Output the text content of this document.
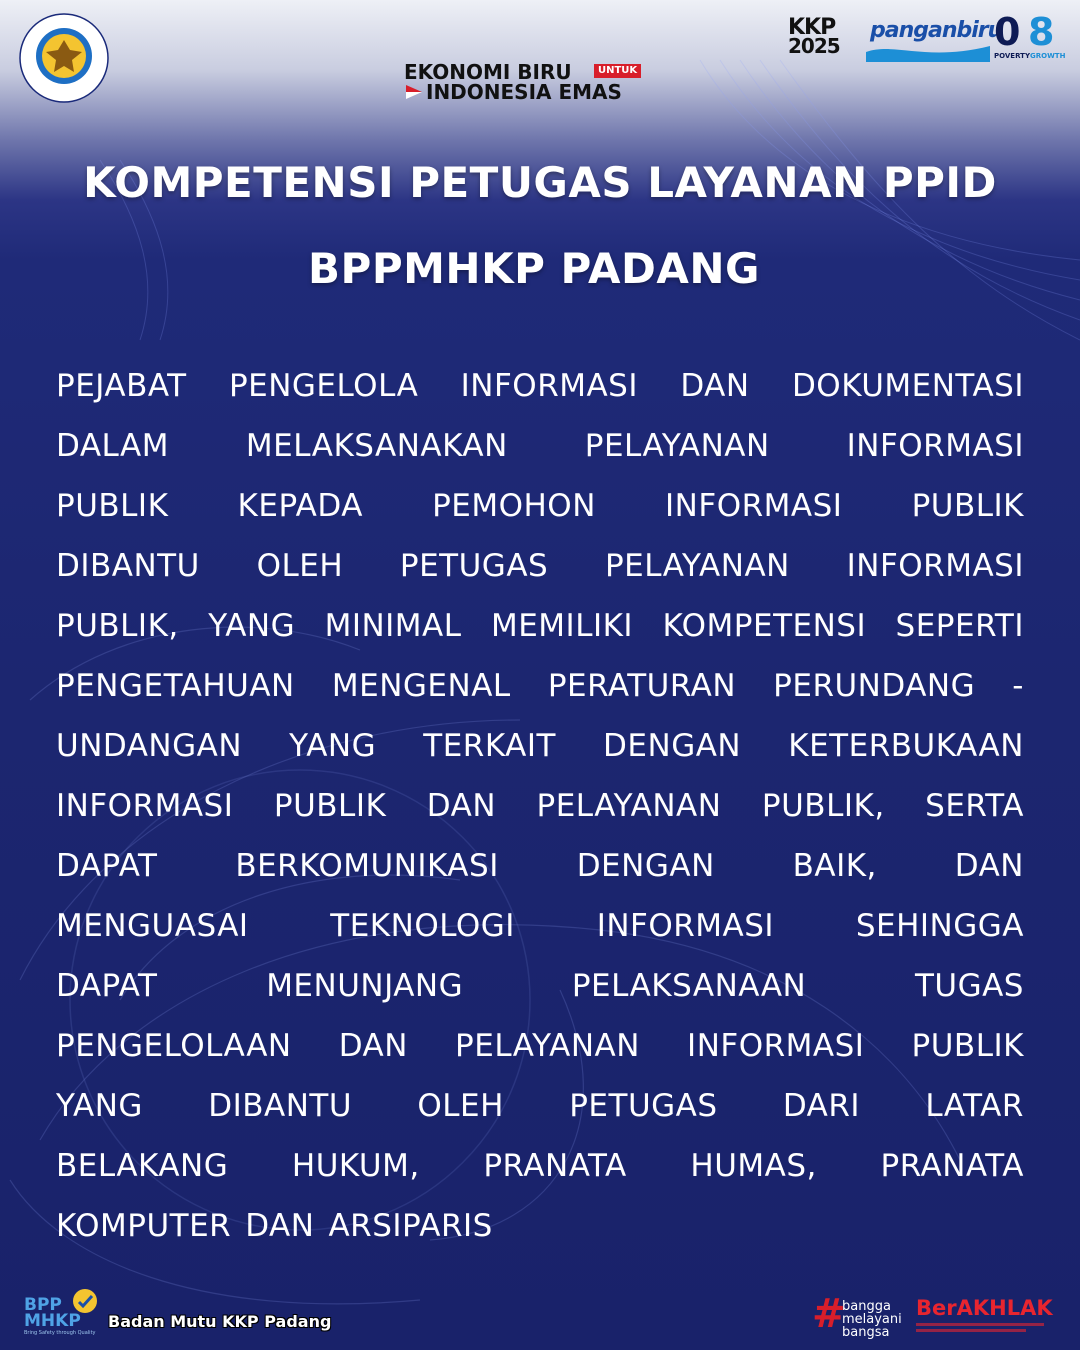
EKONOMI BIRU	UNTUK
INDONESIA EMAS
KKP
2025
panganbiru
0 8
POVERTY GROWTH
KOMPETENSI PETUGAS LAYANAN PPID
BPPMHKP PADANG
PEJABAT PENGELOLA INFORMASI DAN DOKUMENTASI
DALAM MELAKSANAKAN PELAYANAN INFORMASI
PUBLIK KEPADA PEMOHON INFORMASI PUBLIK
DIBANTU OLEH PETUGAS PELAYANAN INFORMASI
PUBLIK, YANG MINIMAL MEMILIKI KOMPETENSI SEPERTI
PENGETAHUAN MENGENAL PERATURAN PERUNDANG -
UNDANGAN YANG TERKAIT DENGAN KETERBUKAAN
INFORMASI PUBLIK DAN PELAYANAN PUBLIK, SERTA
DAPAT	BERKOMUNIKASI	DENGAN	BAIK,	DAN
MENGUASAI	TEKNOLOGI	INFORMASI	SEHINGGA
DAPAT	MENUNJANG	PELAKSANAAN	TUGAS
PENGELOLAAN DAN PELAYANAN INFORMASI PUBLIK
YANG DIBANTU OLEH PETUGAS DARI LATAR
BELAKANG HUKUM, PRANATA HUMAS, PRANATA
KOMPUTER DAN ARSIPARIS
BPP
MHKP
Bring Safety through Quality
Badan Mutu KKP Padang	#
bangga
melayani
bangsa
BerAKHLAK
